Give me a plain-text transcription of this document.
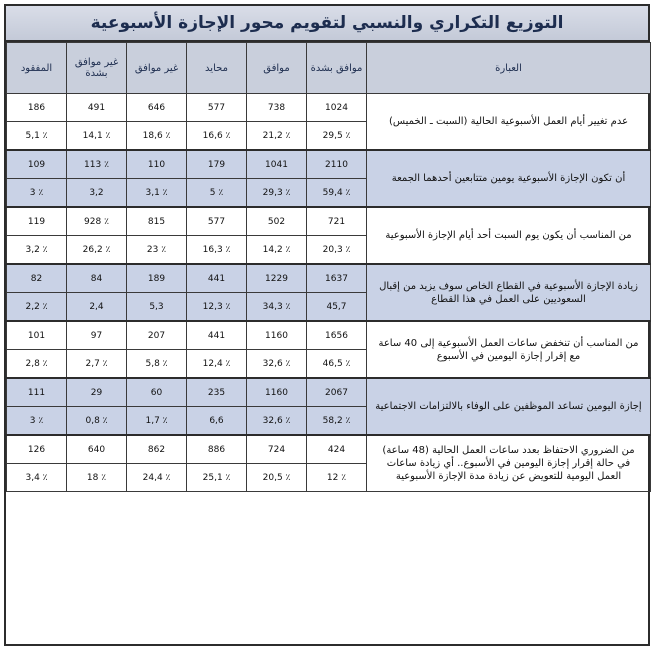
التوزيع التكراري والنسبي لتقويم محور الإجازة الأسبوعية
العبارة	موافق بشدة	موافق	محايد	غير موافق	غير موافق بشدة	المفقود
عدم تغيير أيام العمل الأسبوعية الحالية (السبت ـ الخميس)	1024	738	577	646	491	186
	٪ 29,5	٪ 21,2	٪ 16,6	٪ 18,6	٪ 14,1	٪ 5,1
أن تكون الإجازة الأسبوعية يومين متتابعين أحدهما الجمعة	2110	1041	179	110	٪ 113	109
	٪ 59,4	٪ 29,3	٪ 5	٪ 3,1	3,2	٪ 3
من المناسب أن يكون يوم السبت أحد أيام الإجازة الأسبوعية	721	502	577	815	٪ 928	119
	٪ 20,3	٪ 14,2	٪ 16,3	٪ 23	٪ 26,2	٪ 3,2
زيادة الإجازة الأسبوعية في القطاع الخاص سوف يزيد من إقبال السعوديين على العمل في هذا القطاع	1637	1229	441	189	84	82
	45,7	٪ 34,3	٪ 12,3	5,3	2,4	٪ 2,2
من المناسب أن تنخفض ساعات العمل الأسبوعية إلى 40 ساعة مع إقرار إجازة اليومين في الأسبوع	1656	1160	441	207	97	101
	٪ 46,5	٪ 32,6	٪ 12,4	٪ 5,8	٪ 2,7	٪ 2,8
إجازة اليومين تساعد الموظفين على الوفاء بالالتزامات الاجتماعية	2067	1160	235	60	29	111
	٪ 58,2	٪ 32,6	6,6	٪ 1,7	٪ 0,8	٪ 3
من الضروري الاحتفاظ بعدد ساعات العمل الحالية (48 ساعة) في حالة إقرار إجازة اليومين في الأسبوع.. أي زيادة ساعات العمل اليومية للتعويض عن زيادة مدة الإجازة الأسبوعية	424	724	886	862	640	126
	٪ 12	٪ 20,5	٪ 25,1	٪ 24,4	٪ 18	٪ 3,4
